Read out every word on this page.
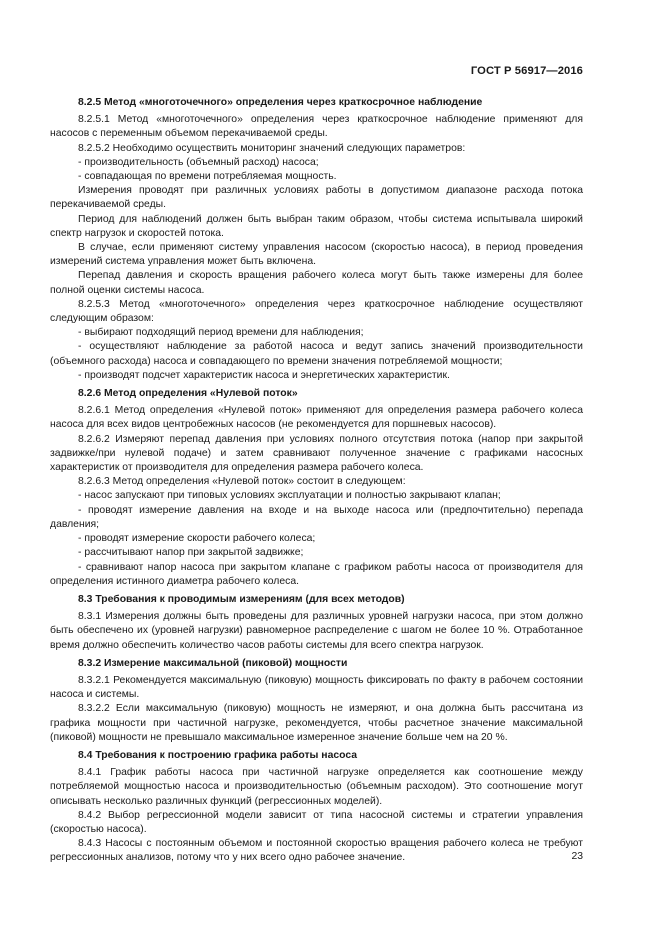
ГОСТ Р 56917—2016
8.2.5 Метод «многоточечного» определения через краткосрочное наблюдение
8.2.5.1 Метод «многоточечного» определения через краткосрочное наблюдение применяют для насосов с переменным объемом перекачиваемой среды.
8.2.5.2 Необходимо осуществить мониторинг значений следующих параметров:
- производительность (объемный расход) насоса;
- совпадающая по времени потребляемая мощность.
Измерения проводят при различных условиях работы в допустимом диапазоне расхода потока перекачиваемой среды.
Период для наблюдений должен быть выбран таким образом, чтобы система испытывала широкий спектр нагрузок и скоростей потока.
В случае, если применяют систему управления насосом (скоростью насоса), в период проведения измерений система управления может быть включена.
Перепад давления и скорость вращения рабочего колеса могут быть также измерены для более полной оценки системы насоса.
8.2.5.3 Метод «многоточечного» определения через краткосрочное наблюдение осуществляют следующим образом:
- выбирают подходящий период времени для наблюдения;
- осуществляют наблюдение за работой насоса и ведут запись значений производительности (объемного расхода) насоса и совпадающего по времени значения потребляемой мощности;
- производят подсчет характеристик насоса и энергетических характеристик.
8.2.6 Метод определения «Нулевой поток»
8.2.6.1 Метод определения «Нулевой поток» применяют для определения размера рабочего колеса насоса для всех видов центробежных насосов (не рекомендуется для поршневых насосов).
8.2.6.2 Измеряют перепад давления при условиях полного отсутствия потока (напор при закрытой задвижке/при нулевой подаче) и затем сравнивают полученное значение с графиками насосных характеристик от производителя для определения размера рабочего колеса.
8.2.6.3 Метод определения «Нулевой поток» состоит в следующем:
- насос запускают при типовых условиях эксплуатации и полностью закрывают клапан;
- проводят измерение давления на входе и на выходе насоса или (предпочтительно) перепада давления;
- проводят измерение скорости рабочего колеса;
- рассчитывают напор при закрытой задвижке;
- сравнивают напор насоса при закрытом клапане с графиком работы насоса от производителя для определения истинного диаметра рабочего колеса.
8.3 Требования к проводимым измерениям (для всех методов)
8.3.1 Измерения должны быть проведены для различных уровней нагрузки насоса, при этом должно быть обеспечено их (уровней нагрузки) равномерное распределение с шагом не более 10 %. Отработанное время должно обеспечить количество часов работы системы для всего спектра нагрузок.
8.3.2 Измерение максимальной (пиковой) мощности
8.3.2.1 Рекомендуется максимальную (пиковую) мощность фиксировать по факту в рабочем состоянии насоса и системы.
8.3.2.2 Если максимальную (пиковую) мощность не измеряют, и она должна быть рассчитана из графика мощности при частичной нагрузке, рекомендуется, чтобы расчетное значение максимальной (пиковой) мощности не превышало максимальное измеренное значение больше чем на 20 %.
8.4 Требования к построению графика работы насоса
8.4.1 График работы насоса при частичной нагрузке определяется как соотношение между потребляемой мощностью насоса и производительностью (объемным расходом). Это соотношение могут описывать несколько различных функций (регрессионных моделей).
8.4.2 Выбор регрессионной модели зависит от типа насосной системы и стратегии управления (скоростью насоса).
8.4.3 Насосы с постоянным объемом и постоянной скоростью вращения рабочего колеса не требуют регрессионных анализов, потому что у них всего одно рабочее значение.	23
